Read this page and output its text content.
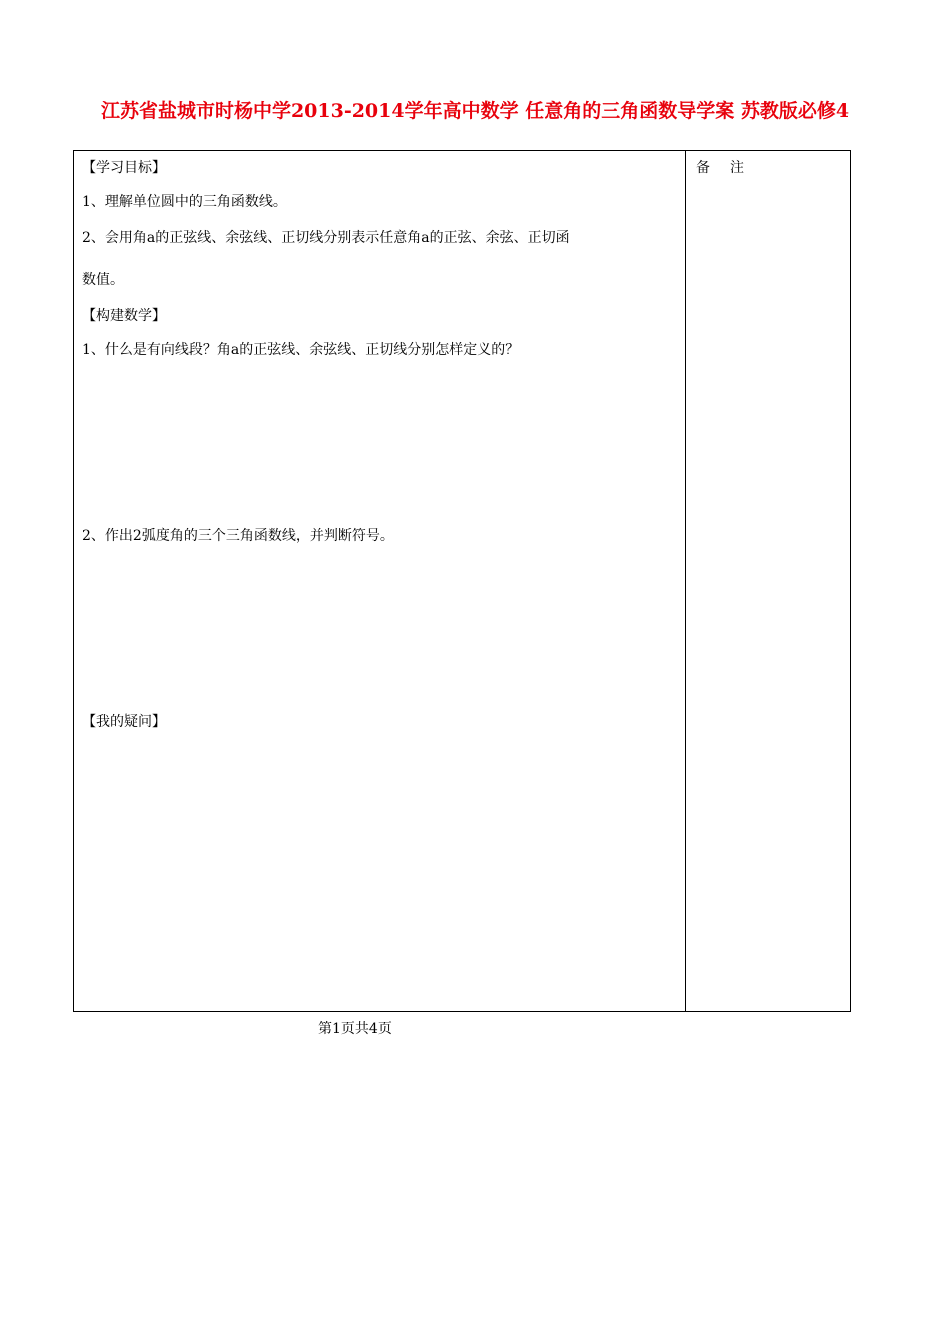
江苏省盐城市时杨中学2013-2014学年高中数学 任意角的三角函数导学案 苏教版必修4
【学习目标】
1、理解单位圆中的三角函数线。
2、会用角a的正弦线、余弦线、正切线分别表示任意角a的正弦、余弦、正切函
数值。
【构建数学】
1、什么是有向线段？角a的正弦线、余弦线、正切线分别怎样定义的？
2、作出2弧度角的三个三角函数线，并判断符号。
【我的疑问】
备注
第1页共4页
